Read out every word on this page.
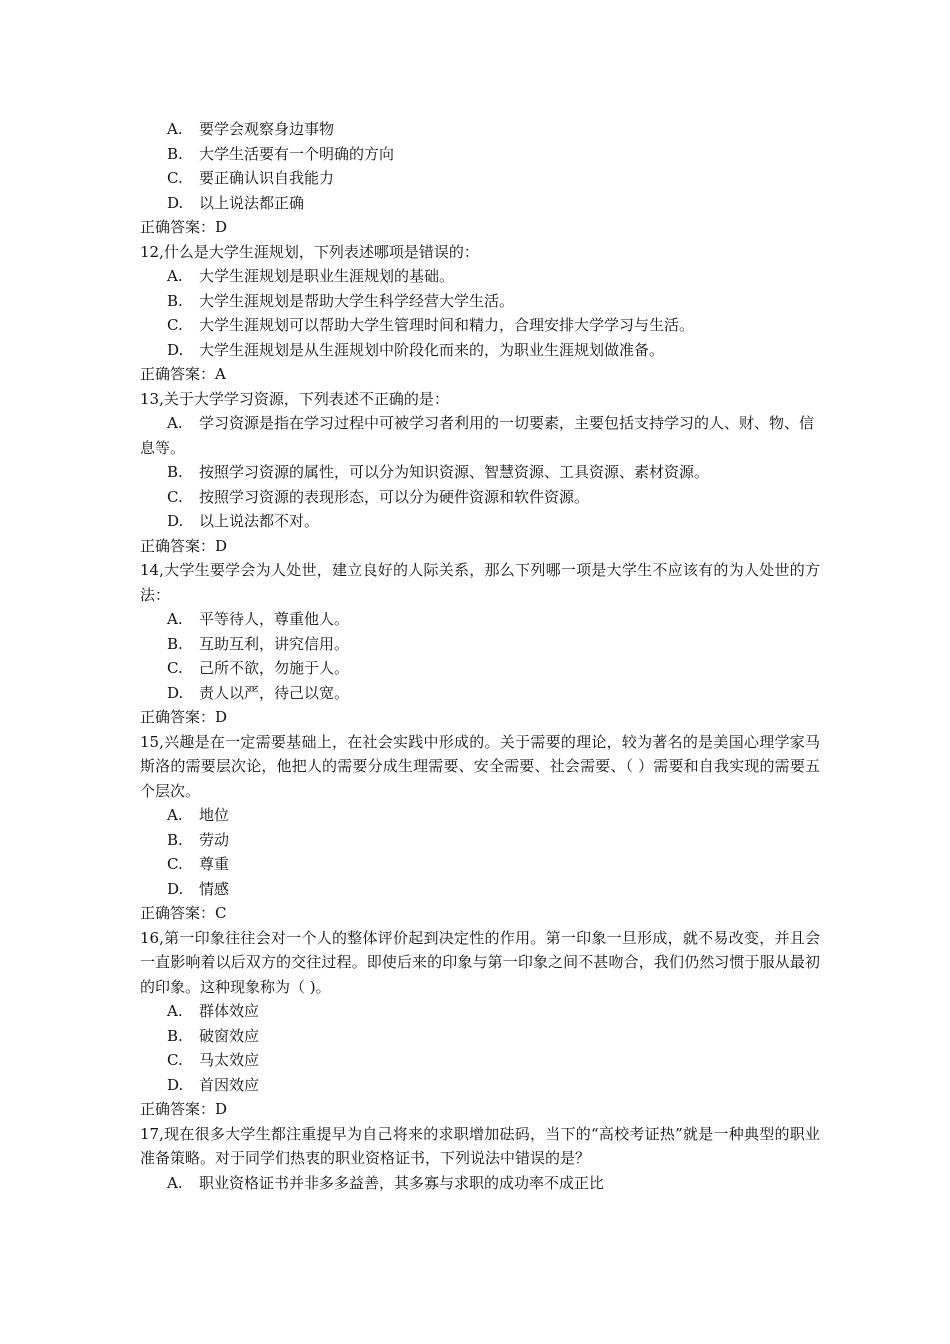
A.	要学会观察身边事物
B.	大学生活要有一个明确的方向
C.	要正确认识自我能力
D.	以上说法都正确
正确答案：D
12,什么是大学生涯规划，下列表述哪项是错误的：
A.	大学生涯规划是职业生涯规划的基础。
B.	大学生涯规划是帮助大学生科学经营大学生活。
C.	大学生涯规划可以帮助大学生管理时间和精力，合理安排大学学习与生活。
D.	大学生涯规划是从生涯规划中阶段化而来的，为职业生涯规划做准备。
正确答案：A
13,关于大学学习资源，下列表述不正确的是：
A. 学习资源是指在学习过程中可被学习者利用的一切要素，主要包括支持学习的人、财、物、信息等。
B.	按照学习资源的属性，可以分为知识资源、智慧资源、工具资源、素材资源。
C.	按照学习资源的表现形态，可以分为硬件资源和软件资源。
D.	以上说法都不对。
正确答案：D
14,大学生要学会为人处世，建立良好的人际关系，那么下列哪一项是大学生不应该有的为人处世的方法：
A.	平等待人，尊重他人。
B.	互助互利，讲究信用。
C.	己所不欲，勿施于人。
D.	责人以严，待己以宽。
正确答案：D
15,兴趣是在一定需要基础上，在社会实践中形成的。关于需要的理论，较为著名的是美国心理学家马斯洛的需要层次论，他把人的需要分成生理需要、安全需要、社会需要、（ ）需要和自我实现的需要五个层次。
A.	地位
B.	劳动
C.	尊重
D.	情感
正确答案：C
16,第一印象往往会对一个人的整体评价起到决定性的作用。第一印象一旦形成，就不易改变，并且会一直影响着以后双方的交往过程。即使后来的印象与第一印象之间不甚吻合，我们仍然习惯于服从最初的印象。这种现象称为（ )。
A.	群体效应
B.	破窗效应
C.	马太效应
D.	首因效应
正确答案：D
17,现在很多大学生都注重提早为自己将来的求职增加砝码，当下的“高校考证热”就是一种典型的职业准备策略。对于同学们热衷的职业资格证书，下列说法中错误的是？
A.	职业资格证书并非多多益善，其多寡与求职的成功率不成正比
